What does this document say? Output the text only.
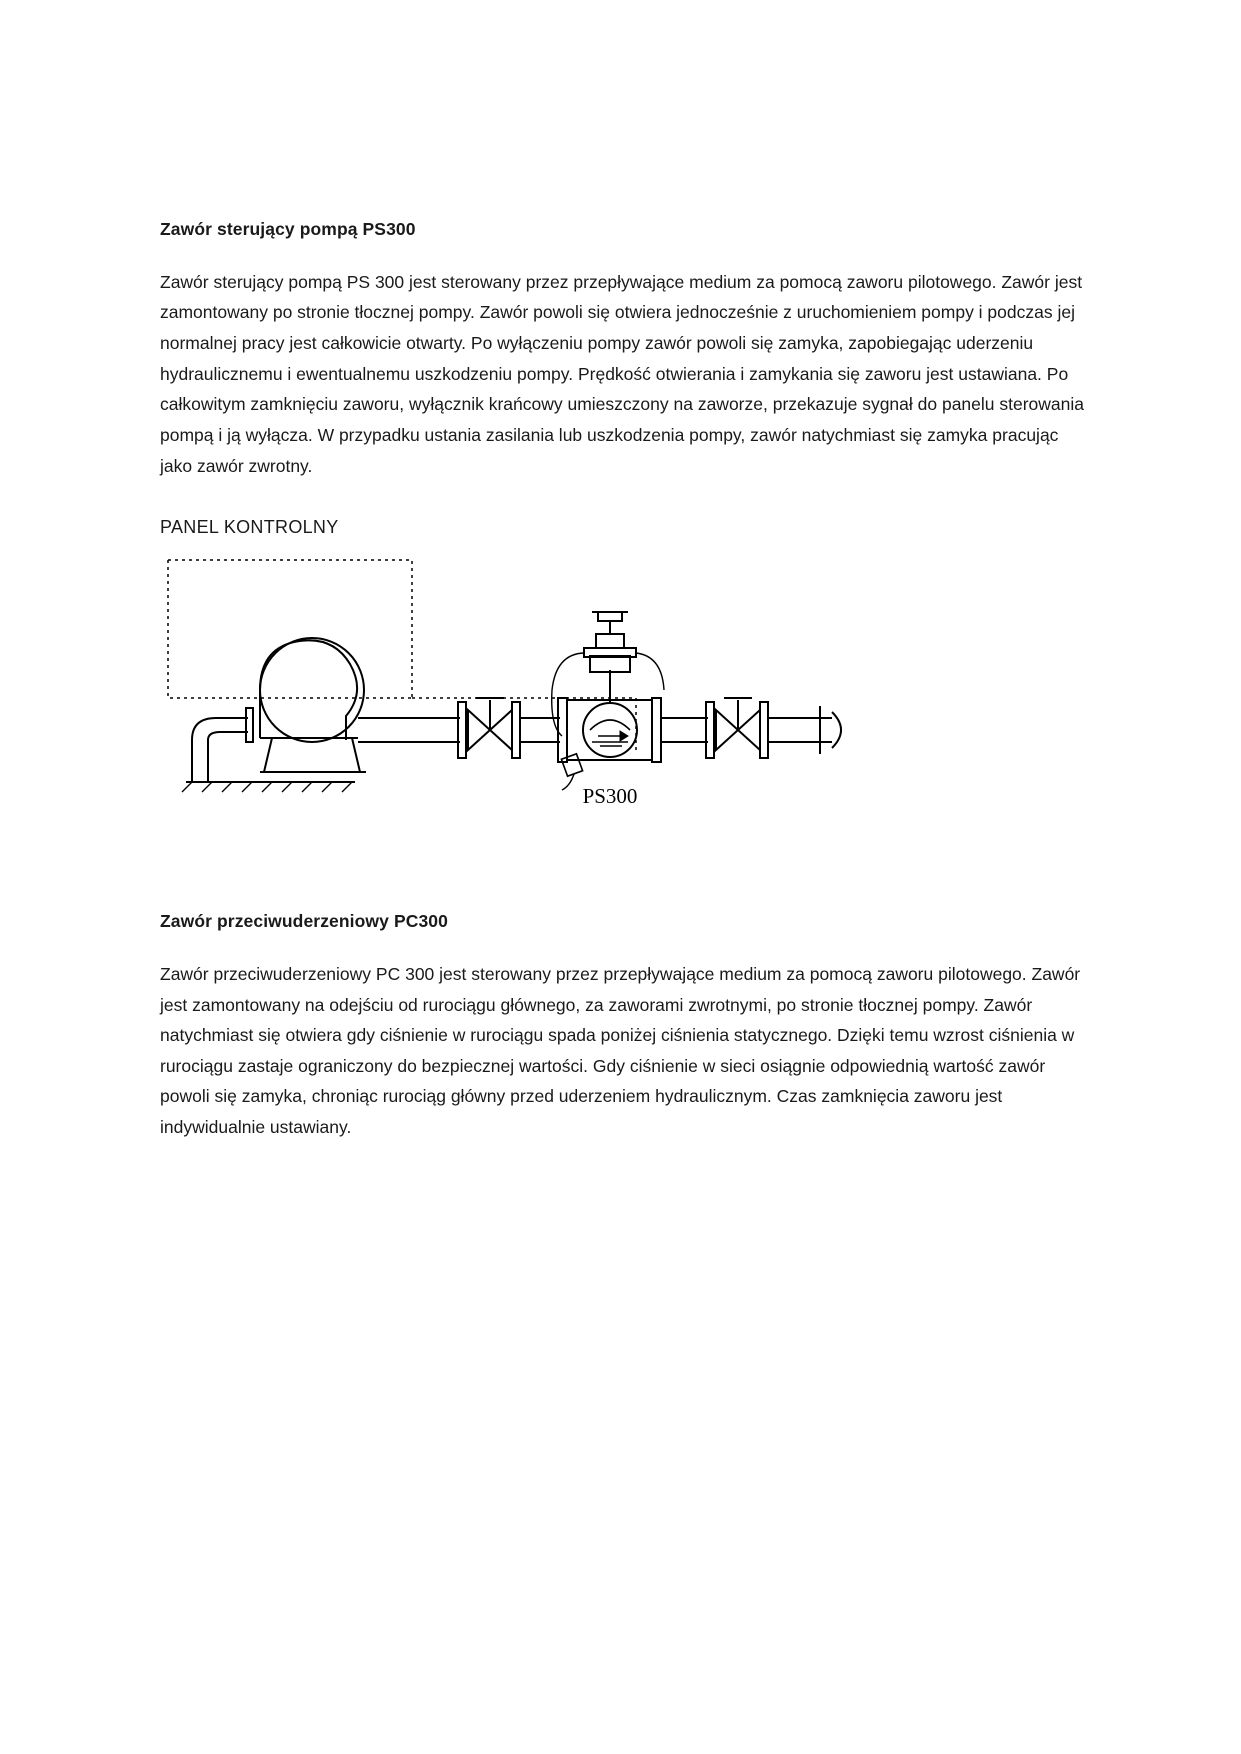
Zawór sterujący pompą PS300

Zawór sterujący pompą PS 300 jest sterowany przez przepływające medium za pomocą zaworu pilotowego. Zawór jest zamontowany po stronie tłocznej pompy. Zawór powoli się otwiera jednocześnie z uruchomieniem pompy i podczas jej normalnej pracy jest całkowicie otwarty. Po wyłączeniu pompy zawór powoli się zamyka, zapobiegając uderzeniu hydraulicznemu i ewentualnemu uszkodzeniu pompy. Prędkość otwierania i zamykania się zaworu jest ustawiana. Po całkowitym zamknięciu zaworu, wyłącznik krańcowy umieszczony na zaworze, przekazuje sygnał do panelu sterowania pompą i ją wyłącza. W przypadku ustania zasilania lub uszkodzenia pompy, zawór natychmiast się zamyka pracując jako zawór zwrotny.

PANEL KONTROLNY

PS300
Zawór przeciwuderzeniowy PC300

Zawór przeciwuderzeniowy PC 300 jest sterowany przez przepływające medium za pomocą zaworu pilotowego. Zawór jest zamontowany na odejściu od rurociągu głównego, za zaworami zwrotnymi, po stronie tłocznej pompy. Zawór natychmiast się otwiera gdy ciśnienie w rurociągu spada poniżej ciśnienia statycznego. Dzięki temu wzrost ciśnienia w rurociągu zastaje ograniczony do bezpiecznej wartości. Gdy ciśnienie w sieci osiągnie odpowiednią wartość zawór powoli się zamyka, chroniąc rurociąg główny przed uderzeniem hydraulicznym. Czas zamknięcia zaworu jest indywidualnie ustawiany.
